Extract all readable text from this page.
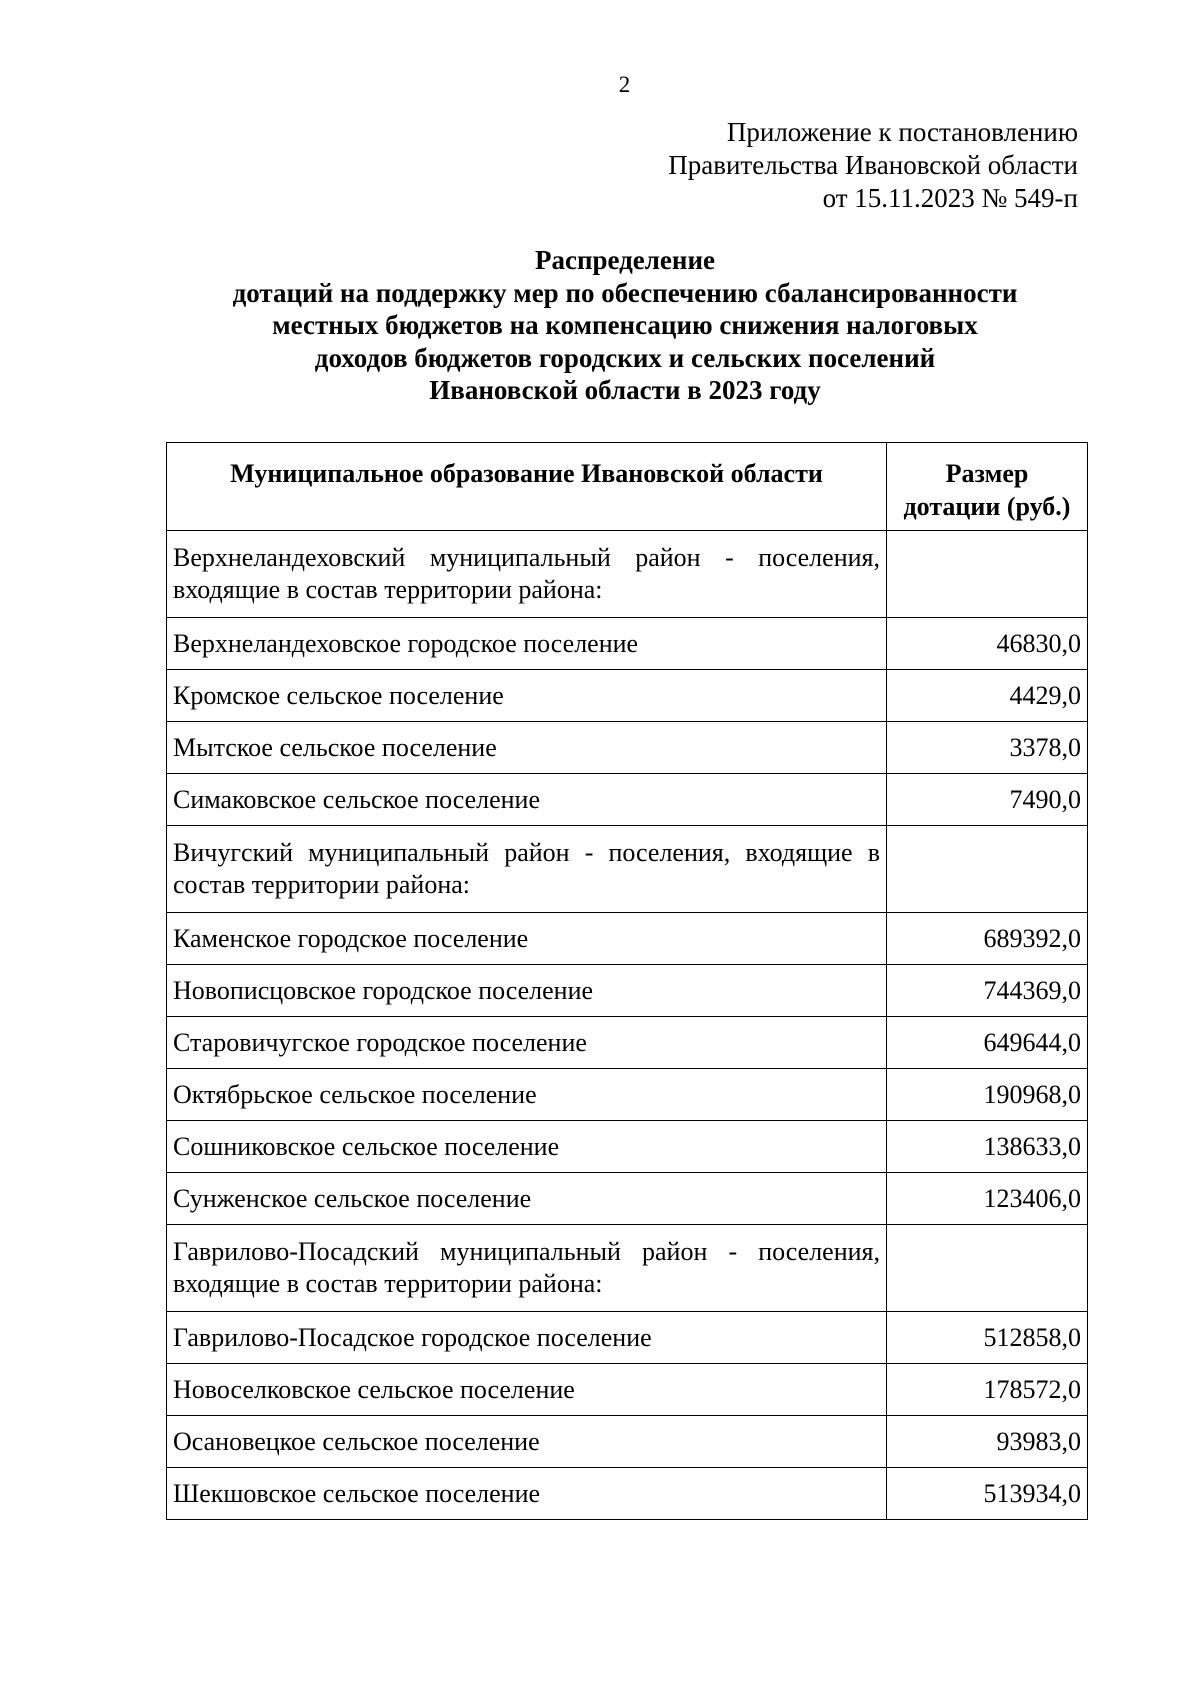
2
Приложение к постановлению
Правительства Ивановской области
от 15.11.2023 № 549-п
Распределение
дотаций на поддержку мер по обеспечению сбалансированности
местных бюджетов на компенсацию снижения налоговых
доходов бюджетов городских и сельских поселений
Ивановской области в 2023 году
Муниципальное образование Ивановской области	Размер
дотации (руб.)
Верхнеландеховский муниципальный район - поселения, входящие в состав территории района:	
Верхнеландеховское городское поселение	46830,0
Кромское сельское поселение	4429,0
Мытское сельское поселение	3378,0
Симаковское сельское поселение	7490,0
Вичугский муниципальный район - поселения, входящие в состав территории района:	
Каменское городское поселение	689392,0
Новописцовское городское поселение	744369,0
Старовичугское городское поселение	649644,0
Октябрьское сельское поселение	190968,0
Сошниковское сельское поселение	138633,0
Сунженское сельское поселение	123406,0
Гаврилово-Посадский муниципальный район - поселения, входящие в состав территории района:	
Гаврилово-Посадское городское поселение	512858,0
Новоселковское сельское поселение	178572,0
Осановецкое сельское поселение	93983,0
Шекшовское сельское поселение	513934,0
